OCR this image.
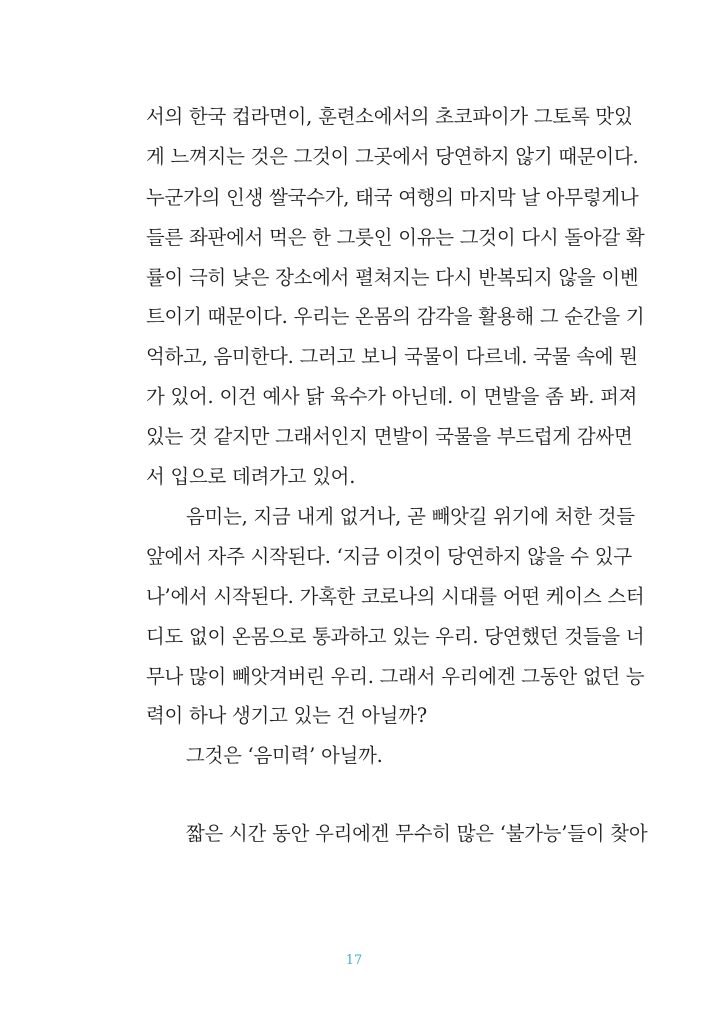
서의 한국 컵라면이, 훈련소에서의 초코파이가 그토록 맛있
게 느껴지는 것은 그것이 그곳에서 당연하지 않기 때문이다.
누군가의 인생 쌀국수가, 태국 여행의 마지막 날 아무렇게나
들른 좌판에서 먹은 한 그릇인 이유는 그것이 다시 돌아갈 확
률이 극히 낮은 장소에서 펼쳐지는 다시 반복되지 않을 이벤
트이기 때문이다. 우리는 온몸의 감각을 활용해 그 순간을 기
억하고, 음미한다. 그러고 보니 국물이 다르네. 국물 속에 뭔
가 있어. 이건 예사 닭 육수가 아닌데. 이 면발을 좀 봐. 퍼져
있는 것 같지만 그래서인지 면발이 국물을 부드럽게 감싸면
서 입으로 데려가고 있어.
음미는, 지금 내게 없거나, 곧 빼앗길 위기에 처한 것들
앞에서 자주 시작된다. ‘지금 이것이 당연하지 않을 수 있구
나’에서 시작된다. 가혹한 코로나의 시대를 어떤 케이스 스터
디도 없이 온몸으로 통과하고 있는 우리. 당연했던 것들을 너
무나 많이 빼앗겨버린 우리. 그래서 우리에겐 그동안 없던 능
력이 하나 생기고 있는 건 아닐까?
그것은 ‘음미력’ 아닐까.
짧은 시간 동안 우리에겐 무수히 많은 ‘불가능’들이 찾아
17
